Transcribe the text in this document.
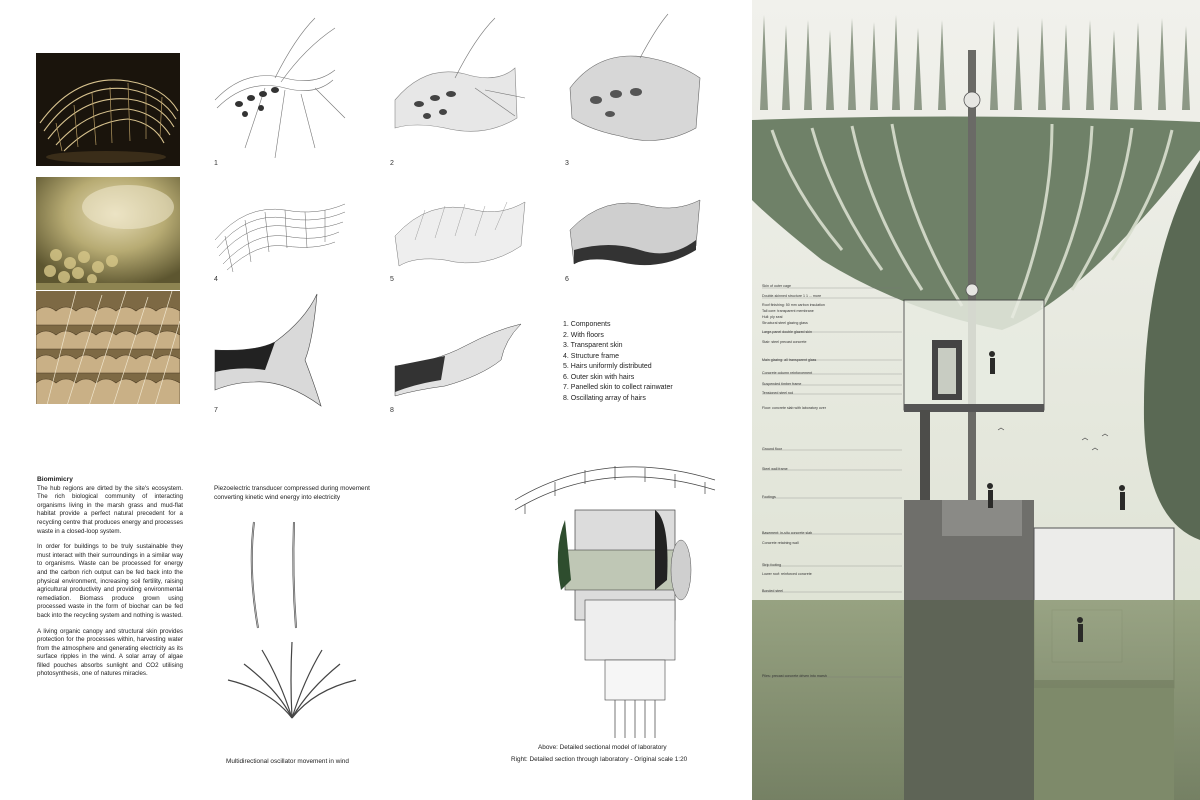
1	2	3
4	5	6
7	8
1. Components
2. With floors
3. Transparent skin
4. Structure frame
5. Hairs uniformly distributed
6. Outer skin with hairs
7. Panelled skin to collect rainwater
8. Oscillating array of hairs
Biomimicry

The hub regions are dirted by the site's ecosystem. The rich biological community of interacting organisms living in the marsh grass and mud-flat habitat provide a perfect natural precedent for a recycling centre that produces energy and processes waste in a closed-loop system.

In order for buildings to be truly sustainable they must interact with their surroundings in a similar way to organisms. Waste can be processed for energy and the carbon rich output can be fed back into the physical environment, increasing soil fertility, raising agricultural productivity and providing environmental remediation. Biomass produce grown using processed waste in the form of biochar can be fed back into the recycling system and nothing is wasted.

A living organic canopy and structural skin provides protection for the processes within, harvesting water from the atmosphere and generating electricity as its surface ripples in the wind. A solar array of algae filled pouches absorbs sunlight and CO2 utilising photosynthesis, one of natures miracles.

Piezoelectric transducer compressed during movement converting kinetic wind energy into electricity
Multidirectional oscillator movement in wind
Above: Detailed sectional model of laboratory
Right: Detailed section through laboratory - Original scale 1:20
Skin of outer cage
Double-skinned structure 1 1 ... more
Roof finishing: 50 mm carbon insulation
Tall core: transparent membrane
Hull: ply seal
Structural steel glazing glass
Large-panel double glazed skin
Stair: steel precast concrete
Main glazing: all transparent glass
Concrete column reinforcement
Suspended timber frame
Tensioned steel rod
Floor: concrete slab with laboratory over
Ground floor
Steel wall frame
Footings
Basement: in-situ concrete slab
Concrete retaining wall
Strip footing
Lower roof: reinforced concrete
Bonded steel
Piles: precast concrete driven into marsh
